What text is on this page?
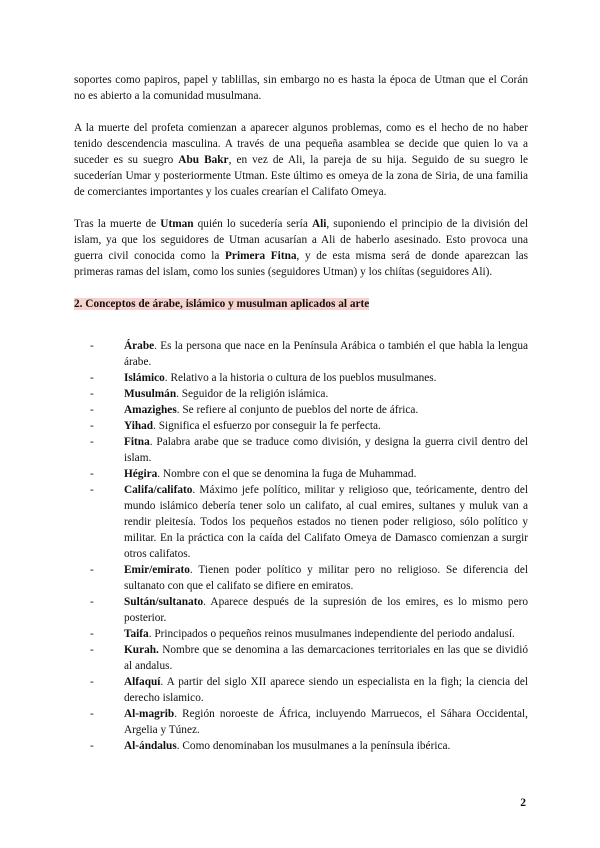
soportes como papiros, papel y tablillas, sin embargo no es hasta la época de Utman que el Corán no es abierto a la comunidad musulmana.

A la muerte del profeta comienzan a aparecer algunos problemas, como es el hecho de no haber tenido descendencia masculina. A través de una pequeña asamblea se decide que quien lo va a suceder es su suegro Abu Bakr, en vez de Ali, la pareja de su hija. Seguido de su suegro le sucederían Umar y posteriormente Utman. Este último es omeya de la zona de Siria, de una familia de comerciantes importantes y los cuales crearían el Califato Omeya.

Tras la muerte de Utman quién lo sucedería sería Ali, suponiendo el principio de la división del islam, ya que los seguidores de Utman acusarían a Ali de haberlo asesinado. Esto provoca una guerra civil conocida como la Primera Fitna, y de esta misma será de donde aparezcan las primeras ramas del islam, como los sunies (seguidores Utman) y los chiítas (seguidores Ali).

2. Conceptos de árabe, islámico y musulman aplicados al arte
-	Árabe. Es la persona que nace en la Península Arábica o también el que habla la lengua árabe.
-	Islámico. Relativo a la historia o cultura de los pueblos musulmanes.
-	Musulmán. Seguidor de la religión islámica.
-	Amazighes. Se refiere al conjunto de pueblos del norte de áfrica.
-	Yihad. Significa el esfuerzo por conseguir la fe perfecta.
-	Fitna. Palabra arabe que se traduce como división, y designa la guerra civil dentro del islam.
-	Hégira. Nombre con el que se denomina la fuga de Muhammad.
-	Califa/califato. Máximo jefe político, militar y religioso que, teóricamente, dentro del mundo islámico debería tener solo un califato, al cual emires, sultanes y muluk van a rendir pleitesía. Todos los pequeños estados no tienen poder religioso, sólo político y militar. En la práctica con la caída del Califato Omeya de Damasco comienzan a surgir otros califatos.
-	Emir/emirato. Tienen poder político y militar pero no religioso. Se diferencia del sultanato con que el califato se difiere en emiratos.
-	Sultán/sultanato. Aparece después de la supresión de los emires, es lo mismo pero posterior.
-	Taifa. Principados o pequeños reinos musulmanes independiente del periodo andalusí.
-	Kurah. Nombre que se denomina a las demarcaciones territoriales en las que se dividió al andalus.
-	Alfaquí. A partir del siglo XII aparece siendo un especialista en la figh; la ciencia del derecho islamico.
-	Al-magrib. Región noroeste de África, incluyendo Marruecos, el Sáhara Occidental, Argelia y Túnez.
-	Al-ándalus. Como denominaban los musulmanes a la península ibérica.
2
